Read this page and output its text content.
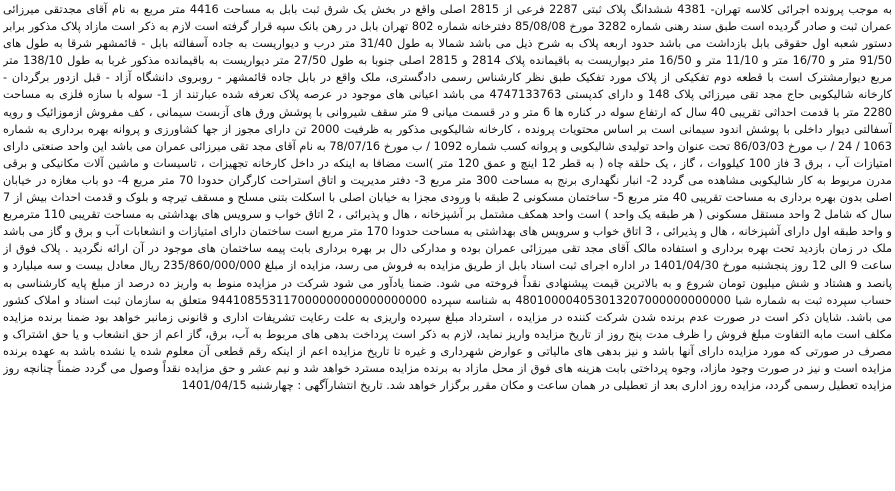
به موجب پرونده اجرائی کلاسه تهران- 4381 ششدانگ پلاک ثبتی 2287 فرعی از 2815 اصلی واقع در بخش یک شرق ثبت بابل به مساحت 4416 متر مربع به نام آقای مجدتقی میرزائی عمران ثبت و صادر گردیده است طبق سند رهنی شماره 3282 مورخ 85/08/08 دفترخانه شماره 802 تهران بابل در رهن بانک سپه قرار گرفته است لازم به ذکر است مازاد پلاک مذکور برابر دستور شعبه اول حقوقی بابل بازداشت می باشد حدود اربعه پلاک به شرح ذیل می باشد شمالا به طول 31/40 متر درب و دیواریست به جاده آسفالته بابل - قائمشهر شرقا به طول های 91/50 متر و 16/70 متر و 11/10 متر و 16/50 متر دیواریست به باقیمانده پلاک 2814 و 2815 اصلی جنوبا به طول 27/50 متر دیواریست به باقیمانده مذکور غربا به طول 138/10 متر مربع دیوارمشترک است با قطعه دوم تفکیکی از پلاک مورد تفکیک طبق نظر کارشناس رسمی دادگستری، ملک واقع در بابل جاده قائمشهر - روبروی دانشگاه آزاد - قبل ازدور برگردان - کارخانه شالیکوبی حاج مجد تقی میرزائی پلاک 148 و دارای کدپستی 4747133763 می باشد اعیانی های موجود در عرصه پلاک تعرفه شده عبارتند از 1- سوله با سازه فلزی به مساحت 2280 متر با قدمت احداثی تقریبی 40 سال که ارتفاع سوله در کناره ها 6 متر و در قسمت میانی 9 متر سقف شیروانی با پوشش ورق های آزبست سیمانی ، کف مفروش ازموزائیک و رویه آسفالتی دیوار داخلی با پوشش اندود سیمانی است بر اساس محتویات پرونده ، کارخانه شالیکوبی مذکور به ظرفیت 2000 تن دارای مجوز از جها کشاورزی و پروانه بهره برداری به شماره 1063 / 24 / ب مورخ 86/03/03 تحت عنوان واحد تولیدی شالیکوبی و پروانه کسب شماره 1092 / ب مورخ 78/07/16 به نام آقای مجد تقی میرزائی عمران می باشد این واحد صنعتی دارای امتیازات آب ، برق 3 فاز 100 کیلووات ، گاز ، یک حلقه چاه ( به قطر 12 اینچ و عمق 120 متر )است مضافا به اینکه در داخل کارخانه تجهیزات ، تاسیسات و ماشین آلات مکانیکی و برقی مدرن مربوط به کار شالیکوبی مشاهده می گردد 2- انبار نگهداری برنج به مساحت 300 متر مربع 3- دفتر مدیریت و اتاق استراحت کارگران حدودا 70 متر مربع 4- دو باب مغازه در خیابان اصلی بدون بهره برداری به مساحت تقریبی 40 متر مربع 5- ساختمان مسکونی 2 طبقه با ورودی مجزا به خیابان اصلی با اسکلت بتنی مسلح و مسقف تیرچه و بلوک و قدمت احداث بیش از 7 سال که شامل 2 واحد مستقل مسکونی ( هر طبقه یک واحد ) است واحد همکف مشتمل بر آشپزخانه ، هال و پذیرائی ، 2 اتاق خواب و سرویس های بهداشتی به مساحت تقریبی 110 مترمربع و واحد طبقه اول دارای آشپزخانه ، هال و پذیرائی ، 3 اتاق خواب و سرویس های بهداشتی به مساحت حدودا 170 متر مربع است ساختمان دارای امتیازات و انشعابات آب و برق و گاز می باشد ملک در زمان بازدید تحت بهره برداری و استفاده مالک آقای مجد تقی میرزائی عمران بوده و مدارکی دال بر بهره برداری بابت پیمه ساختمان های موجود در آن ارائه نگردید . پلاک فوق از ساعت 9 الی 12 روز پنجشنبه مورخ 1401/04/30 در اداره اجرای ثبت اسناد بابل از طریق مزایده به فروش می رسد، مزایده از مبلغ 235/860/000/000 ریال معادل بیست و سه میلیارد و پانصد و هشتاد و شش میلیون تومان شروع و به بالاترین قیمت پیشنهادی نقداً فروخته می شود. ضمنا یادآور می شود شرکت در مزایده منوط به واریز ده درصد از مبلغ پایه کارشناسی به حساب سپرده ثبت به شماره شبا 480100004053013207000000000000 به شناسه سپرده 944108553117000000000000000000 متعلق به سازمان ثبت اسناد و املاک کشور می باشد. شایان ذکر است در صورت عدم برنده شدن شرکت کننده در مزایده ، استرداد مبلغ سپرده واریزی به علت رعایت تشریفات اداری و قانونی زمانبر خواهد بود ضمنا برنده مزایده مکلف است مابه التفاوت مبلغ فروش را ظرف مدت پنج روز از تاریخ مزایده واریز نماید، لازم به ذکر است پرداخت بدهی های مربوط به آب، برق، گاز اعم از حق انشعاب و یا حق اشتراک و مصرف در صورتی که مورد مزایده دارای آنها باشد و نیز بدهی های مالیاتی و عوارض شهرداری و غیره تا تاریخ مزایده اعم از اینکه رقم قطعی آن معلوم شده یا نشده باشد به عهده برنده مزایده است و نیز در صورت وجود مازاد، وجوه پرداختی بابت هزینه های فوق از محل مازاد به برنده مزایده مسترد خواهد شد و نیم عشر و حق مزایده نقداً وصول می گردد ضمناً چنانچه روز مزایده تعطیل رسمی گردد، مزایده روز اداری بعد از تعطیلی در همان ساعت و مکان مقرر برگزار خواهد شد. تاریخ انتشارآگهی : چهارشنبه 1401/04/15
